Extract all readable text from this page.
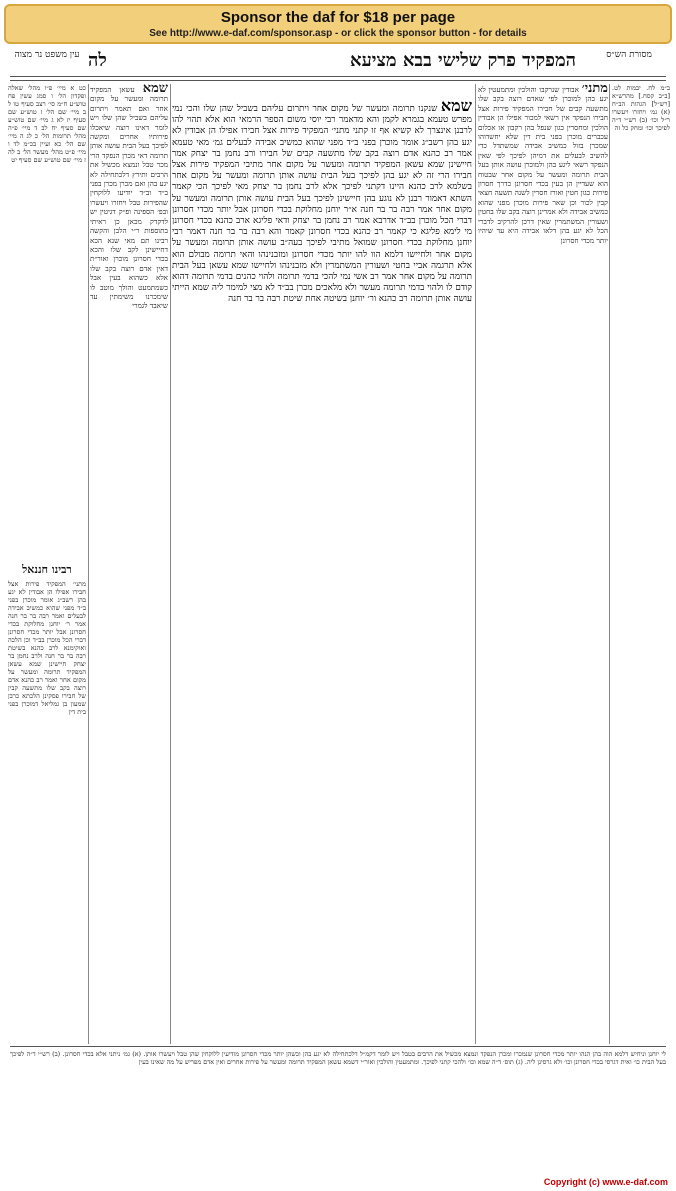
Sponsor the daf for $18 per page
See http://www.e-daf.com/sponsor.asp - or click the sponsor button - for details
מסורת הש״ס
המפקיד פרק שלישי בבא מציעא
לה
עין משפט נר מצוה
ב״מ לח. יבמות לט. [ב״ב קסח.] מהרש״א [רש״ל] הגהות הב״ח (א) גמ׳ ויחזרו ויעשרו ר״ל וכו׳ (ב) רש״י ד״ה לפיכך וכו׳ ומחק כל זה
מתני׳ אבודין שנרקבו והולכין ומתמעטין לא יגע בהן למוכרן לפי שאדם רוצה בקב שלו מתשעה קבים של חבירו המפקיד פירות אצל חבירו הנפקד אין רשאי למכור אפילו הן אבודין הולכין ומחסרין כגון שנפל בהן רקבון או אכלום עכברים מוכרן בפני בית דין שלא יחשדוהו שמכרן בזול כמשיב אבידה שמשתדל כדי להשיב לבעלים את דמיהן לפיכך לפי שאין הנפקד רשאי ליגע בהן ולמוכרן עושה אותן בעל הבית תרומה ומעשר על מקום אחר שבטוח הוא שעדיין הן בעין בכדי חסרונן כדרך חסרון פירות כגון חטין ואורז חסרין לשנה תשעה חצאי קבין לכור וכן שאר פירות מוכרן מפני שהוא כמשיב אבידה ולא אמרינן רוצה בקב שלו בחטין ושעורין המשתמרין שאין דרכן להרקיב לדברי הכל לא יגע בהן דלאו אבידה היא עד שיהיו יותר מכדי חסרונן
שמא שנקנו תרומה ומעשר של מקום אחר ויתרום עליהם בשביל שהן שלו והכי נמי מפרש טעמא בגמרא לקמן והא מדאמר רבי יוסי משום הספר הרמאי הוא אלא תהוי להו לרבנן אינצרך לא קשיא אף זו קתני מתני׳ המפקיד פירות אצל חבירו אפילו הן אבודין לא יגע בהן רשב״ג אומר מוכרן בפני ב״ד מפני שהוא כמשיב אבידה לבעלים גמ׳ מאי טעמא אמר רב כהנא אדם רוצה בקב שלו מתשעה קבים של חבירו ורב נחמן בר יצחק אמר חיישינן שמא עשאן המפקיד תרומה ומעשר על מקום אחר מתיבי המפקיד פירות אצל חבירו הרי זה לא יגע בהן לפיכך בעל הבית עושה אותן תרומה ומעשר על מקום אחר בשלמא לרב כהנא היינו דקתני לפיכך אלא לרב נחמן בר יצחק מאי לפיכך הכי קאמר השתא דאמור רבנן לא נוגע בהן חיישינן לפיכך בעל הבית עושה אותן תרומה ומעשר על מקום אחר אמר רבה בר בר חנה א״ר יוחנן מחלוקת בכדי חסרונן אבל יותר מכדי חסרונן דברי הכל מוכרן בב״ד אדרבא אמר רב נחמן בר יצחק ודאי פליגא ארב כהנא בכדי חסרונן מי לימא פליגא כי קאמר רב כהנא בכדי חסרונן קאמר והא רבה בר בר חנה דאמר רבי יוחנן מחלוקת בכדי חסרונן שמואל מתיבי לפיכך בעה״ב עושה אותן תרומה ומעשר על מקום אחר ולחיישו דלמא הוו להו יותר מכדי חסרונן ומזבנינהו והאי תרומה מבולם הוא אלא תרגמה אביי בחטי ושעורין המשתמרין ולא מזבנינהו ולחיישו שמא עשאן בעל הבית תרומה על מקום אחר אמר רב אשי נמי להכי בדמי תרומה ולהוי כהנים בדמי תרומה דהוא קודם לו ולהוי בדמי תרומה מעשר ולא מלאכים מכרן בב״ד לא מצי למימר ליה שמא הייתי עושה אותן תרומה רב כהנא ור׳ יוחנן בשיטה אחת שיטת רבה בר בר חנה
שמא עשאן המפקיד תרומה ומעשר על מקום אחר ואם תאמר ויתרום עליהם בשביל שהן שלו ויש לומר דאינו רוצה שיאכלו פירותיו אחרים ומקשה לפיכך בעל הבית עושה אותן תרומה דאי מכרן הנפקד הרי מכר טבל ונמצא מכשיל את הרבים ותירץ דלכתחילה לא יגע בהן ואם מכרן מכרן בפני ב״ד וב״ד יודיעו ללוקחין שהפירות טבל ויחזרו ויעשרו ובפ׳ הספינה ופ״ק דגיטין יש לדקדק מכאן כן ראיתי בתוספות ר״י הלבן והקשה רבינו תם מאי שנא הכא דחיישינן לקב שלו והכא בכדי חסרונן מוכרן ואור״ת דאין אדם רוצה בקב שלו אלא כשהוא בעין אבל כשמתמעט והולך מוטב לו שימכרנו משימתין עד שיאבד לגמרי
כט א מיי׳ פ״ו מהל׳ שאלה ופקדון הל׳ ו סמג עשין פח טוש״ע ח״מ סי׳ רצב סעיף טו ל ב מיי׳ שם הל׳ ז טוש״ע שם סעיף יז לא ג מיי׳ שם טוש״ע שם סעיף יח לב ד מיי׳ פ״ה מהל׳ תרומות הל׳ כ לג ה מיי׳ שם הל׳ כא ועיין בכ״מ לד ו מיי׳ פ״ט מהל׳ מעשר הל׳ ב לה ז מיי׳ שם טוש״ע שם סעיף יט
רבינו חננאל
מתני׳ המפקיד פירות אצל חבירו אפילו הן אבודין לא יגע בהן רשב״ג אומר מוכרן בפני ב״ד מפני שהוא כמשיב אבידה לבעלים ואמר רבה בר בר חנה אמר ר׳ יוחנן מחלוקת בכדי חסרונן אבל יותר מכדי חסרונן דברי הכל מוכרן בב״ד וכן הלכה ואוקימנא לרב כהנא בשיטת רבה בר בר חנה ולרב נחמן בר יצחק חיישינן שמא עשאן המפקיד תרומה ומעשר על מקום אחר ואמר רב כהנא אדם רוצה בקב שלו מתשעה קבין של חבירו פסקינן הלכתא כרבן שמעון בן גמליאל דמוכרן בפני בית דין
לי יוחנן וניחיש דלמא הוה בהן הנהו יותר מכדי חסרונן שנמכרו ומכרן הנפקד ונמצא מכשיל את הרבים בטבל ויש לומר דקמ״ל דלכתחילה לא יגע בהן וכשהן יותר מכדי חסרונן מודיעין ללוקחין שהן טבל ויעשרו אותן. (א) גמ׳ ניתני אלא בכדי חסרונן. (ב) רש״י ד״ה לפיכך בעל הבית כו׳ ואית דגרסי בכדי חסרונן וכו׳ ולא גרסינן ליה. (ג) תוס׳ ד״ה שמא וכו׳ ולהכי קתני לפיכך. ומתמעטין והולכין ואור״י דשמא עשאן המפקיד תרומה ומעשר על פירות אחרים ואין אדם מפריש על מה שאינו בעין
Copyright (c) www.e-daf.com
